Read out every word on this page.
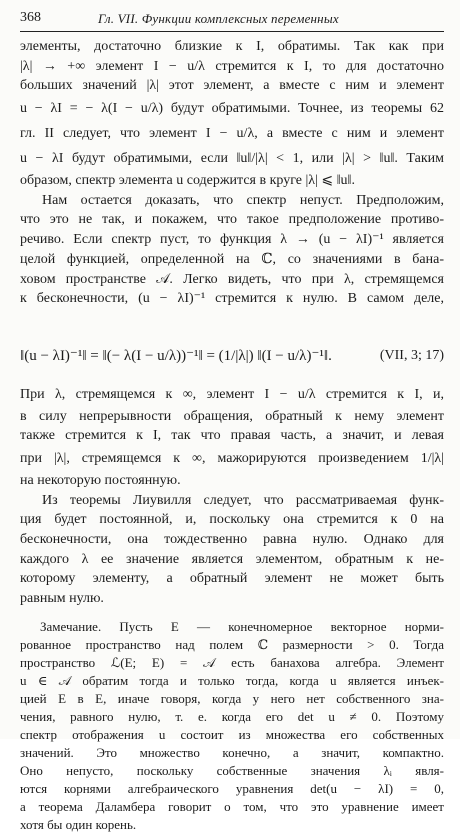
368	Гл. VII. Функции комплексных переменных
элементы, достаточно близкие к I, обратимы. Так как при
|λ| → +∞ элемент I − u/λ стремится к I, то для достаточно
больших значений |λ| этот элемент, а вместе с ним и элемент
u − λI = − λ(I − u/λ) будут обратимыми. Точнее, из теоремы 62
гл. II следует, что элемент I − u/λ, а вместе с ним и элемент
u − λI будут обратимыми, если ‖u‖/|λ| < 1, или |λ| > ‖u‖. Таким
образом, спектр элемента u содержится в круге |λ| ⩽ ‖u‖.
Нам остается доказать, что спектр непуст. Предположим,
что это не так, и покажем, что такое предположение противо-
речиво. Если спектр пуст, то функция λ → (u − λI)⁻¹ является
целой функцией, определенной на ℂ, со значениями в банa-
ховом пространстве 𝒜. Легко видеть, что при λ, стремящемся
к бесконечности, (u − λI)⁻¹ стремится к нулю. В самом деле,
‖(u − λI)⁻¹‖ = ‖(− λ(I − u/λ))⁻¹‖ = (1/|λ|) ‖(I − u/λ)⁻¹‖.	(VII, 3; 17)
При λ, стремящемся к ∞, элемент I − u/λ стремится к I, и,
в силу непрерывности обращения, обратный к нему элемент
также стремится к I, так что правая часть, а значит, и левая
при |λ|, стремящемся к ∞, мажорируются произведением 1/|λ|
на некоторую постоянную.
Из теоремы Лиувилля следует, что рассматриваемая функ-
ция будет постоянной, и, поскольку она стремится к 0 на
бесконечности, она тождественно равна нулю. Однако для
каждого λ ее значение является элементом, обратным к не-
которому элементу, а обратный элемент не может быть
равным нулю.
Замечание. Пусть E — конечномерное векторное норми-
рованное пространство над полем ℂ размерности > 0. Тогда
пространство ℒ(E; E) = 𝒜 есть банахова алгебра. Элемент
u ∈ 𝒜 обратим тогда и только тогда, когда u является инъек-
цией E в E, иначе говоря, когда у него нет собственного зна-
чения, равного нулю, т. е. когда его det u ≠ 0. Поэтому
спектр отображения u состоит из множества его собственных
значений. Это множество конечно, а значит, компактно.
Оно непусто, поскольку собственные значения λᵢ явля-
ются корнями алгебраического уравнения det(u − λI) = 0,
а теорема Даламбера говорит о том, что это уравнение имеет
хотя бы один корень.
